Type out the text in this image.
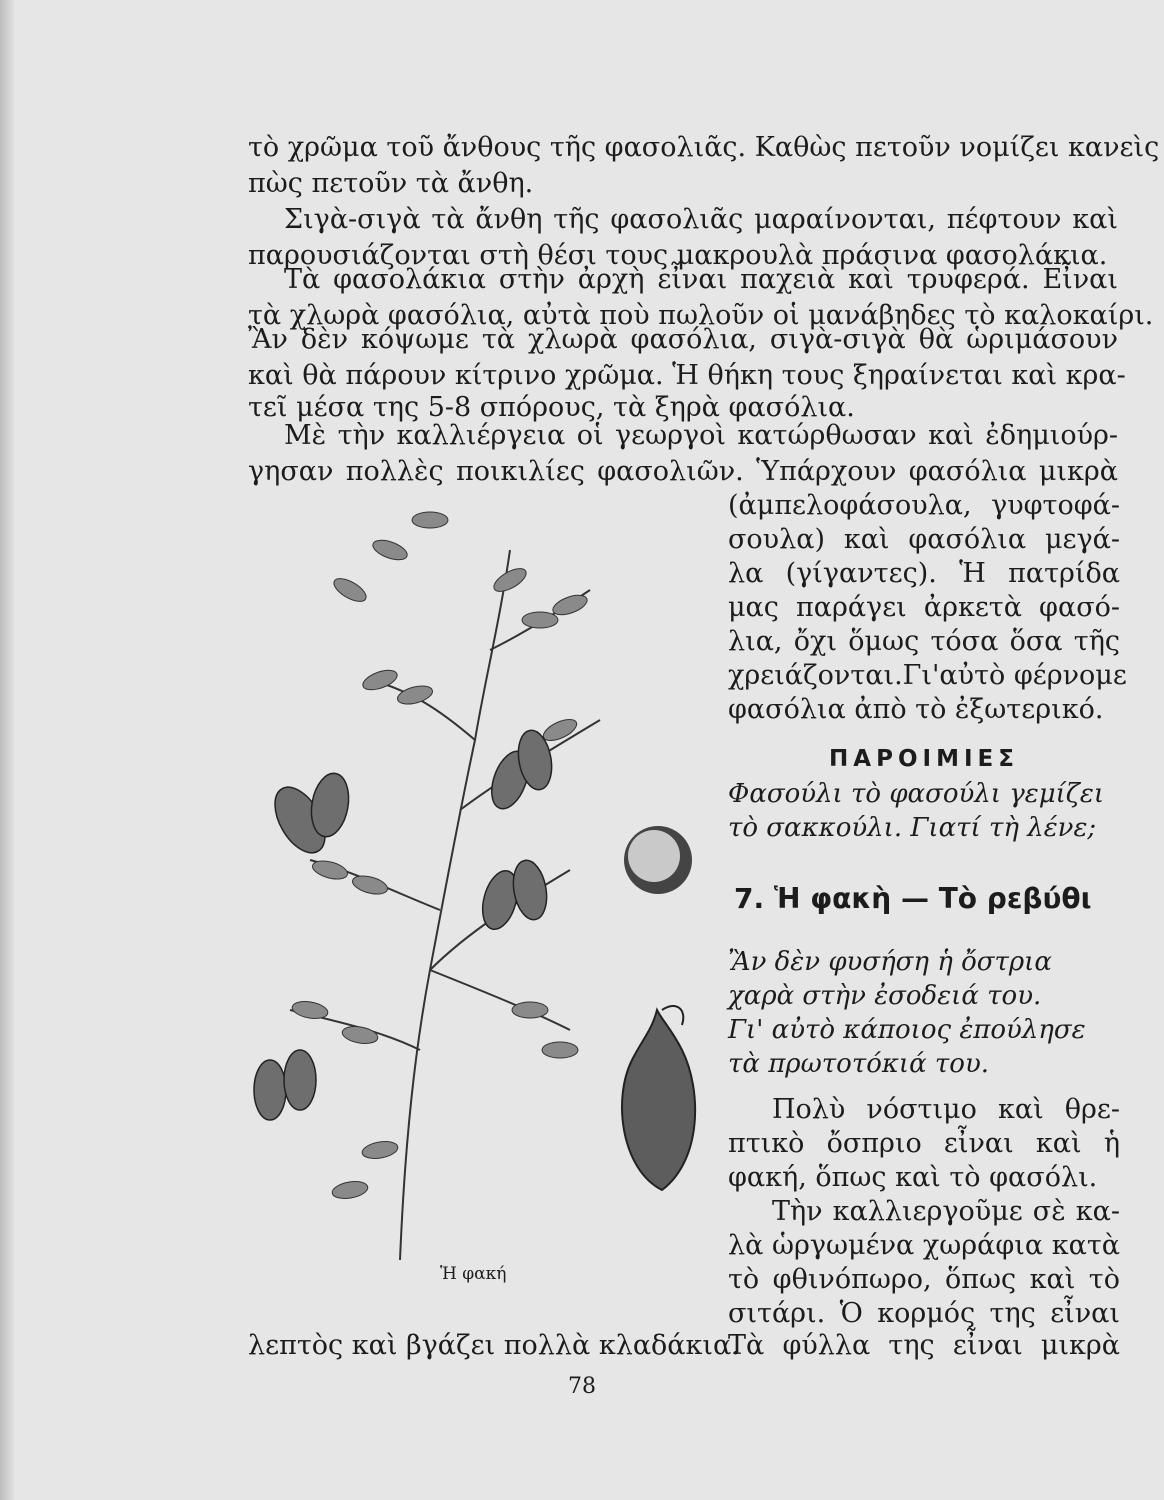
τὸ χρῶμα τοῦ ἄνθους τῆς φασολιᾶς. Καθὼς πετοῦν νομίζει κανεὶς
πὼς πετοῦν τὰ ἄνθη.
Σιγὰ-σιγὰ τὰ ἄνθη τῆς φασολιᾶς μαραίνονται, πέφτουν καὶ
παρουσιάζονται στὴ θέσι τους μακρουλὰ πράσινα φασολάκια.
Τὰ φασολάκια στὴν ἀρχὴ εἶναι παχειὰ καὶ τρυφερά. Εἶναι
τὰ χλωρὰ φασόλια, αὐτὰ ποὺ πωλοῦν οἱ μανάβηδες τὸ καλοκαίρι.
Ἂν δὲν κόψωμε τὰ χλωρὰ φασόλια, σιγὰ-σιγὰ θὰ ὡριμάσουν
καὶ θὰ πάρουν κίτρινο χρῶμα. Ἡ θήκη τους ξηραίνεται καὶ κρα-
τεῖ μέσα της 5-8 σπόρους, τὰ ξηρὰ φασόλια.
Μὲ τὴν καλλιέργεια οἱ γεωργοὶ κατώρθωσαν καὶ ἐδημιούρ-
γησαν πολλὲς ποικιλίες φασολιῶν. Ὑπάρχουν φασόλια μικρὰ
(ἀμπελοφάσουλα, γυφτοφά-
σουλα) καὶ φασόλια μεγά-
λα (γίγαντες). Ἡ πατρίδα
μας παράγει ἀρκετὰ φασό-
λια, ὄχι ὅμως τόσα ὅσα τῆς
χρειάζονται.Γι'αὐτὸ φέρνομε
φασόλια ἀπὸ τὸ ἐξωτερικό.
ΠΑΡΟΙΜΙΕΣ
Φασούλι τὸ φασούλι γεμίζει
τὸ σακκούλι. Γιατί τὴ λένε;
7. Ἡ φακὴ — Τὸ ρεβύθι
Ἂν δὲν φυσήση ἡ ὄστρια
χαρὰ στὴν ἐσοδειά του.
Γι' αὐτὸ κάποιος ἐπούλησε
τὰ πρωτοτόκιά του.
Πολὺ νόστιμο καὶ θρε-
πτικὸ ὄσπριο εἶναι καὶ ἡ
φακή, ὅπως καὶ τὸ φασόλι.
Τὴν καλλιεργοῦμε σὲ κα-
λὰ ὡργωμένα χωράφια κατὰ
τὸ φθινόπωρο, ὅπως καὶ τὸ
σιτάρι. Ὁ κορμός της εἶναι
λεπτὸς καὶ βγάζει πολλὰ κλαδάκια.
Τὰ φύλλα της εἶναι μικρὰ
Ἡ φακή
78
